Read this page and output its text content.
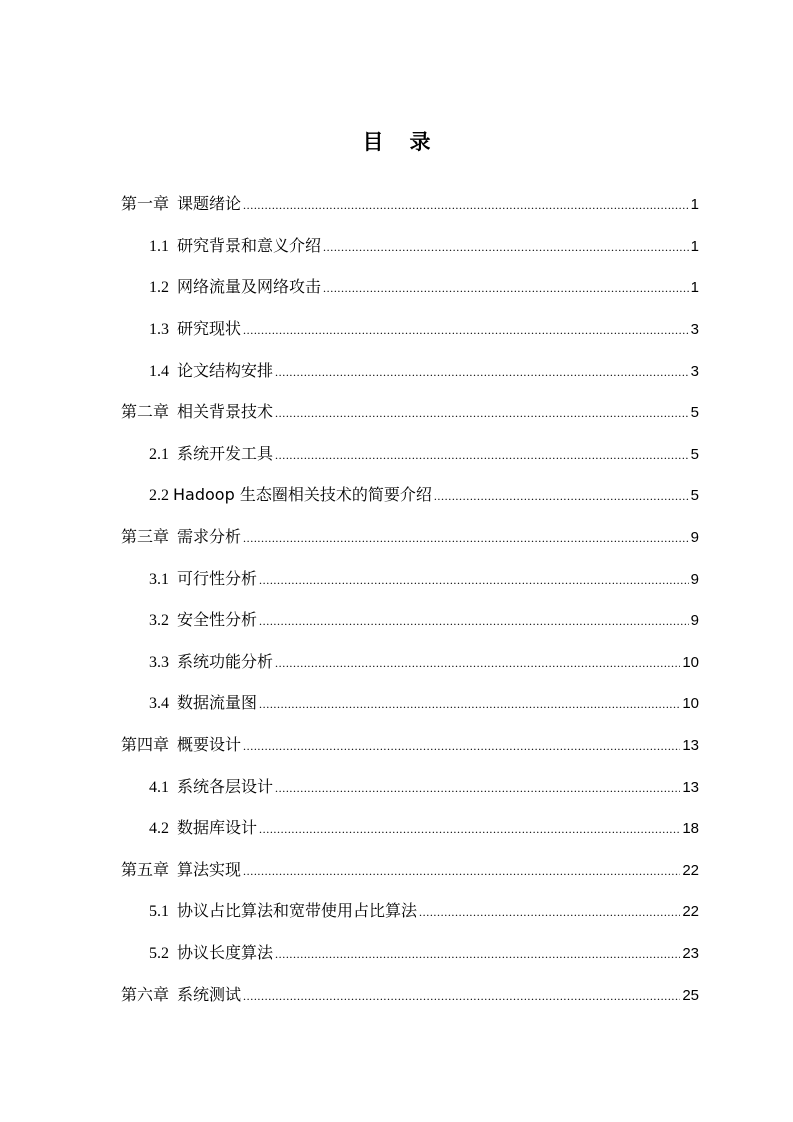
目录
第一章 课题绪论 .....	1
1.1 研究背景和意义介绍 .....	1
1.2 网络流量及网络攻击 .....	1
1.3 研究现状 .....	3
1.4 论文结构安排 .....	3
第二章 相关背景技术 .....	5
2.1 系统开发工具 .....	5
2.2 Hadoop 生态圈相关技术的简要介绍 .....	5
第三章 需求分析 .....	9
3.1 可行性分析 .....	9
3.2 安全性分析 .....	9
3.3 系统功能分析 .....	10
3.4 数据流量图 .....	10
第四章 概要设计 .....	13
4.1 系统各层设计 .....	13
4.2 数据库设计 .....	18
第五章 算法实现 .....	22
5.1 协议占比算法和宽带使用占比算法 .....	22
5.2 协议长度算法 .....	23
第六章 系统测试 .....	25
